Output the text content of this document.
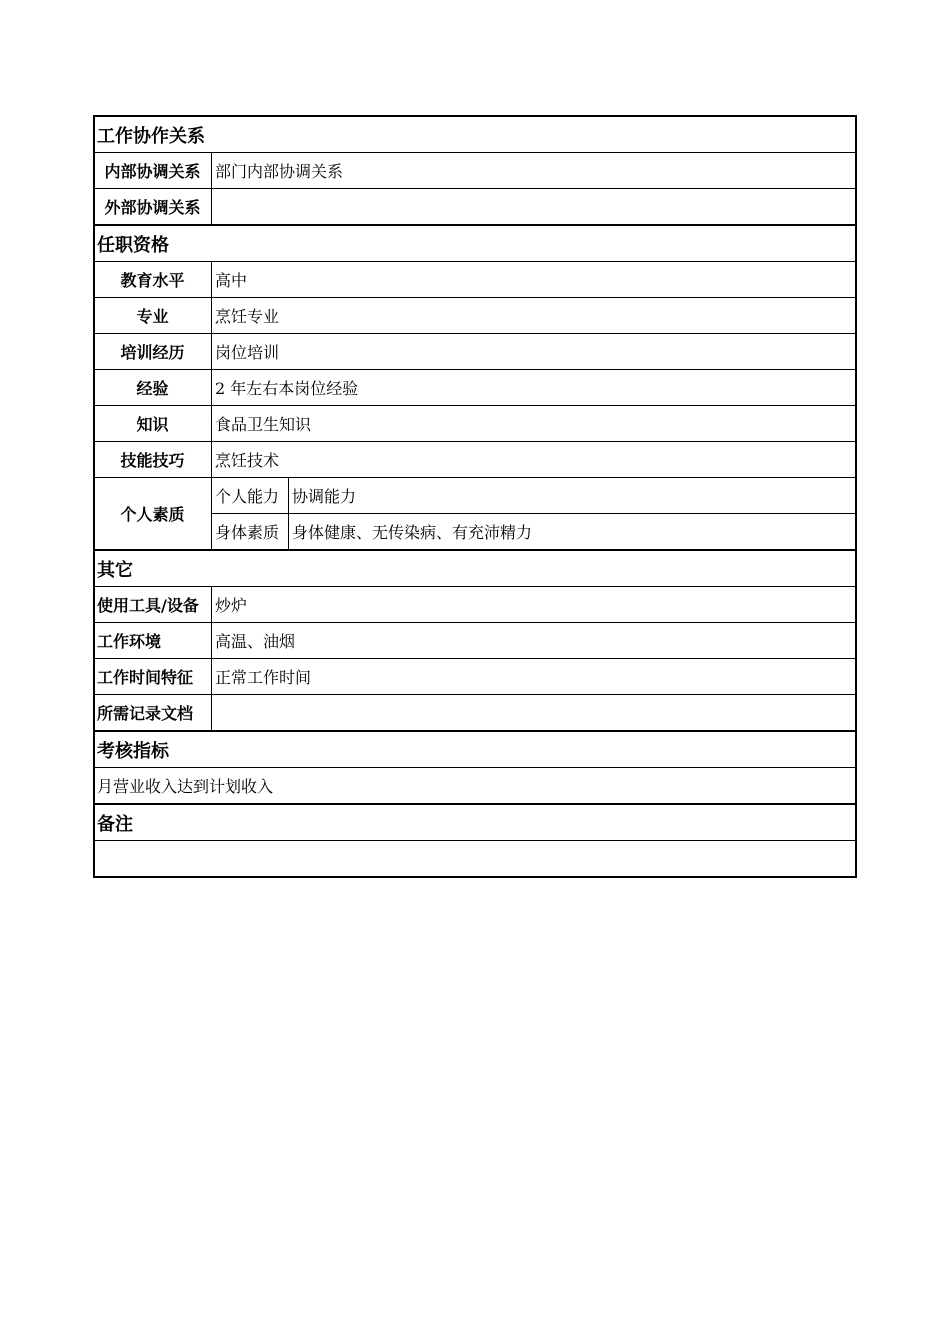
工作协作关系		
内部协调关系	部门内部协调关系	
外部协调关系		
任职资格		
教育水平	高中	
专业	烹饪专业	
培训经历	岗位培训	
经验	2 年左右本岗位经验	
知识	食品卫生知识	
技能技巧	烹饪技术	
个人素质	个人能力	协调能力
	身体素质	身体健康、无传染病、有充沛精力
其它		
使用工具/设备	炒炉	
工作环境	高温、油烟	
工作时间特征	正常工作时间	
所需记录文档		
考核指标		
月营业收入达到计划收入		
备注		
